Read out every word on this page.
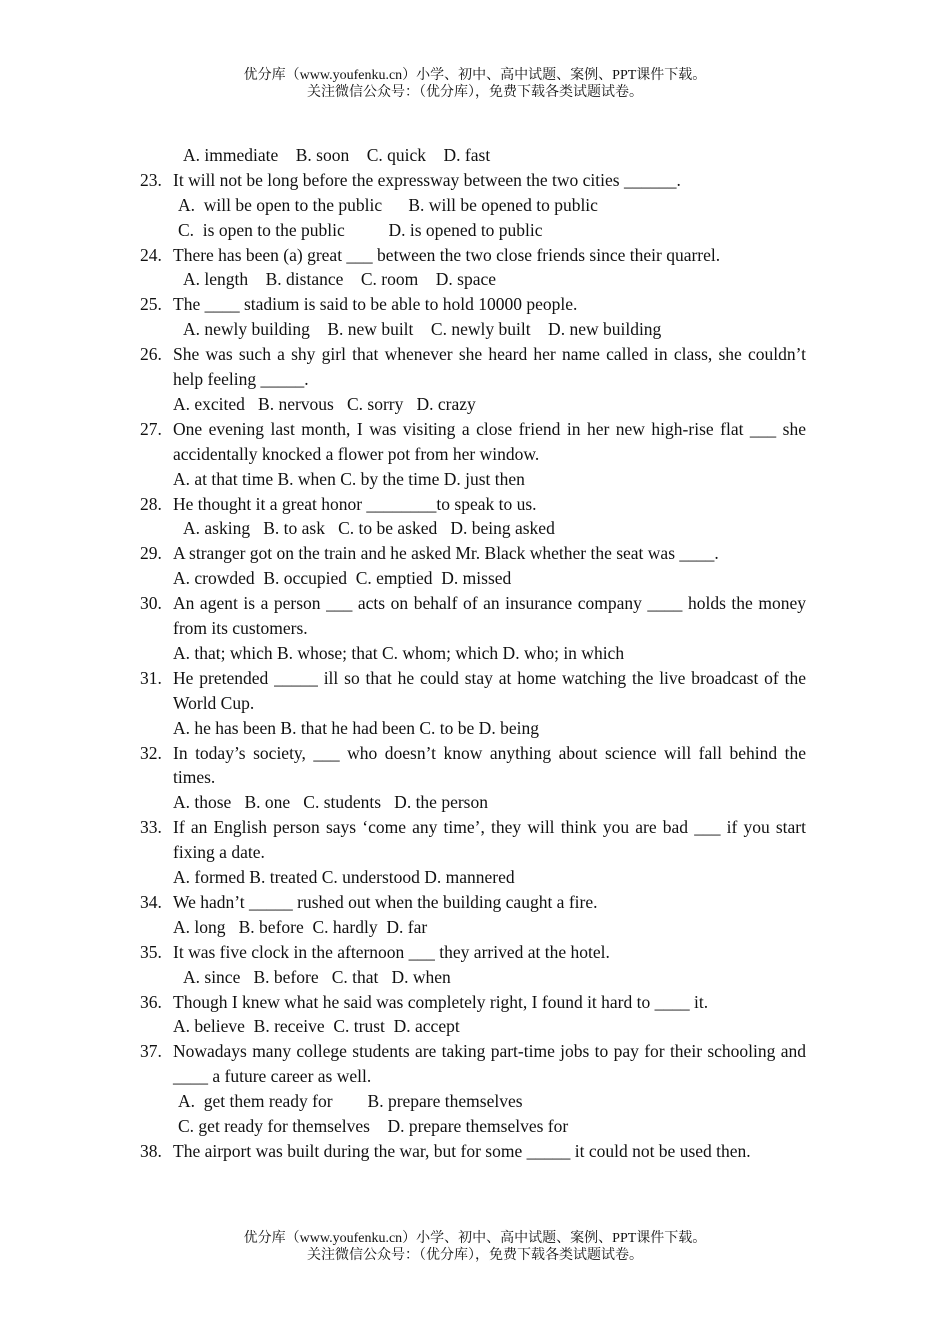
优分库（www.youfenku.cn）小学、初中、高中试题、案例、PPT课件下载。
关注微信公众号：（优分库），免费下载各类试题试卷。
A. immediate    B. soon    C. quick    D. fast
23. It will not be long before the expressway between the two cities ______.
A.  will be open to the public      B. will be opened to public
C.  is open to the public          D. is opened to public
24. There has been (a) great ___ between the two close friends since their quarrel.
A. length    B. distance    C. room    D. space
25. The ____ stadium is said to be able to hold 10000 people.
A. newly building    B. new built    C. newly built    D. new building
26. She was such a shy girl that whenever she heard her name called in class, she couldn’t help feeling _____.
A. excited   B. nervous   C. sorry   D. crazy
27. One evening last month, I was visiting a close friend in her new high-rise flat ___ she accidentally knocked a flower pot from her window.
A. at that time B. when C. by the time D. just then
28. He thought it a great honor ________to speak to us.
A. asking   B. to ask   C. to be asked   D. being asked
29. A stranger got on the train and he asked Mr. Black whether the seat was ____.
A. crowded  B. occupied  C. emptied  D. missed
30. An agent is a person ___ acts on behalf of an insurance company ____ holds the money from its customers.
A. that; which B. whose; that C. whom; which D. who; in which
31. He pretended _____ ill so that he could stay at home watching the live broadcast of the World Cup.
A. he has been B. that he had been C. to be D. being
32. In today’s society, ___ who doesn’t know anything about science will fall behind the times.
A. those   B. one   C. students   D. the person
33. If an English person says ‘come any time’, they will think you are bad ___ if you start fixing a date.
A. formed B. treated C. understood D. mannered
34. We hadn’t _____ rushed out when the building caught a fire.
A. long   B. before  C. hardly  D. far
35. It was five clock in the afternoon ___ they arrived at the hotel.
A. since   B. before   C. that   D. when
36. Though I knew what he said was completely right, I found it hard to ____ it.
A. believe  B. receive  C. trust  D. accept
37. Nowadays many college students are taking part-time jobs to pay for their schooling and ____ a future career as well.
A.  get them ready for        B. prepare themselves
C. get ready for themselves    D. prepare themselves for
38. The airport was built during the war, but for some _____ it could not be used then.
优分库（www.youfenku.cn）小学、初中、高中试题、案例、PPT课件下载。
关注微信公众号：（优分库），免费下载各类试题试卷。
